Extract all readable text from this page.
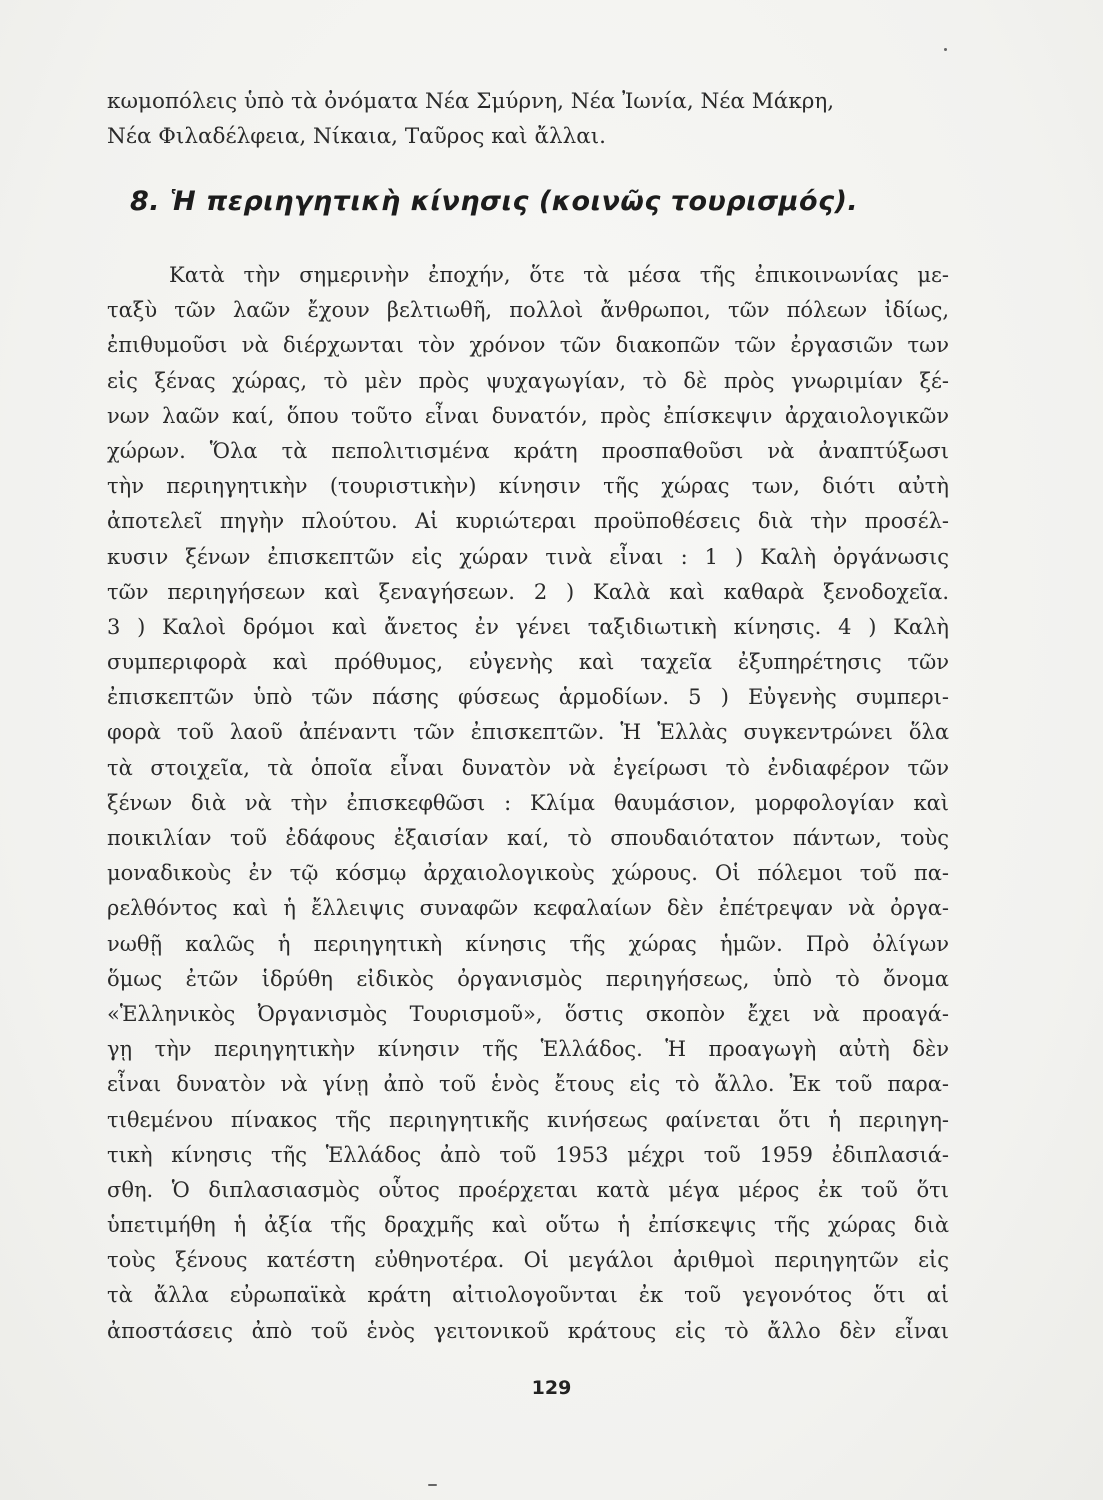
κωμοπόλεις ὑπὸ τὰ ὀνόματα Νέα Σμύρνη, Νέα Ἰωνία, Νέα Μάκρη,
Νέα Φιλαδέλφεια, Νίκαια, Ταῦρος καὶ ἄλλαι.
8. Ἡ περιηγητικὴ κίνησις (κοινῶς τουρισμός).
Κατὰ τὴν σημερινὴν ἐποχήν, ὅτε τὰ μέσα τῆς ἐπικοινωνίας με-
ταξὺ τῶν λαῶν ἔχουν βελτιωθῆ, πολλοὶ ἄνθρωποι, τῶν πόλεων ἰδίως,
ἐπιθυμοῦσι νὰ διέρχωνται τὸν χρόνον τῶν διακοπῶν τῶν ἐργασιῶν των
εἰς ξένας χώρας, τὸ μὲν πρὸς ψυχαγωγίαν, τὸ δὲ πρὸς γνωριμίαν ξέ-
νων λαῶν καί, ὅπου τοῦτο εἶναι δυνατόν, πρὸς ἐπίσκεψιν ἀρχαιολογικῶν
χώρων. Ὅλα τὰ πεπολιτισμένα κράτη προσπαθοῦσι νὰ ἀναπτύξωσι
τὴν περιηγητικὴν (τουριστικὴν) κίνησιν τῆς χώρας των, διότι αὐτὴ
ἀποτελεῖ πηγὴν πλούτου. Αἱ κυριώτεραι προϋποθέσεις διὰ τὴν προσέλ-
κυσιν ξένων ἐπισκεπτῶν εἰς χώραν τινὰ εἶναι : 1 ) Καλὴ ὀργάνωσις
τῶν περιηγήσεων καὶ ξεναγήσεων. 2 ) Καλὰ καὶ καθαρὰ ξενοδοχεῖα.
3 ) Καλοὶ δρόμοι καὶ ἄνετος ἐν γένει ταξιδιωτικὴ κίνησις. 4 ) Καλὴ
συμπεριφορὰ καὶ πρόθυμος, εὐγενὴς καὶ ταχεῖα ἐξυπηρέτησις τῶν
ἐπισκεπτῶν ὑπὸ τῶν πάσης φύσεως ἁρμοδίων. 5 ) Εὐγενὴς συμπερι-
φορὰ τοῦ λαοῦ ἀπέναντι τῶν ἐπισκεπτῶν. Ἡ Ἑλλὰς συγκεντρώνει ὅλα
τὰ στοιχεῖα, τὰ ὁποῖα εἶναι δυνατὸν νὰ ἐγείρωσι τὸ ἐνδιαφέρον τῶν
ξένων διὰ νὰ τὴν ἐπισκεφθῶσι : Κλίμα θαυμάσιον, μορφολογίαν καὶ
ποικιλίαν τοῦ ἐδάφους ἐξαισίαν καί, τὸ σπουδαιότατον πάντων, τοὺς
μοναδικοὺς ἐν τῷ κόσμῳ ἀρχαιολογικοὺς χώρους. Οἱ πόλεμοι τοῦ πα-
ρελθόντος καὶ ἡ ἔλλειψις συναφῶν κεφαλαίων δὲν ἐπέτρεψαν νὰ ὀργα-
νωθῇ καλῶς ἡ περιηγητικὴ κίνησις τῆς χώρας ἡμῶν. Πρὸ ὀλίγων
ὅμως ἐτῶν ἱδρύθη εἰδικὸς ὀργανισμὸς περιηγήσεως, ὑπὸ τὸ ὄνομα
«Ἑλληνικὸς Ὀργανισμὸς Τουρισμοῦ», ὅστις σκοπὸν ἔχει νὰ προαγά-
γῃ τὴν περιηγητικὴν κίνησιν τῆς Ἑλλάδος. Ἡ προαγωγὴ αὐτὴ δὲν
εἶναι δυνατὸν νὰ γίνῃ ἀπὸ τοῦ ἑνὸς ἔτους εἰς τὸ ἄλλο. Ἐκ τοῦ παρα-
τιθεμένου πίνακος τῆς περιηγητικῆς κινήσεως φαίνεται ὅτι ἡ περιηγη-
τικὴ κίνησις τῆς Ἑλλάδος ἀπὸ τοῦ 1953 μέχρι τοῦ 1959 ἐδιπλασιά-
σθη. Ὁ διπλασιασμὸς οὗτος προέρχεται κατὰ μέγα μέρος ἐκ τοῦ ὅτι
ὑπετιμήθη ἡ ἀξία τῆς δραχμῆς καὶ οὕτω ἡ ἐπίσκεψις τῆς χώρας διὰ
τοὺς ξένους κατέστη εὐθηνοτέρα. Οἱ μεγάλοι ἀριθμοὶ περιηγητῶν εἰς
τὰ ἄλλα εὐρωπαϊκὰ κράτη αἰτιολογοῦνται ἐκ τοῦ γεγονότος ὅτι αἱ
ἀποστάσεις ἀπὸ τοῦ ἑνὸς γειτονικοῦ κράτους εἰς τὸ ἄλλο δὲν εἶναι
129
